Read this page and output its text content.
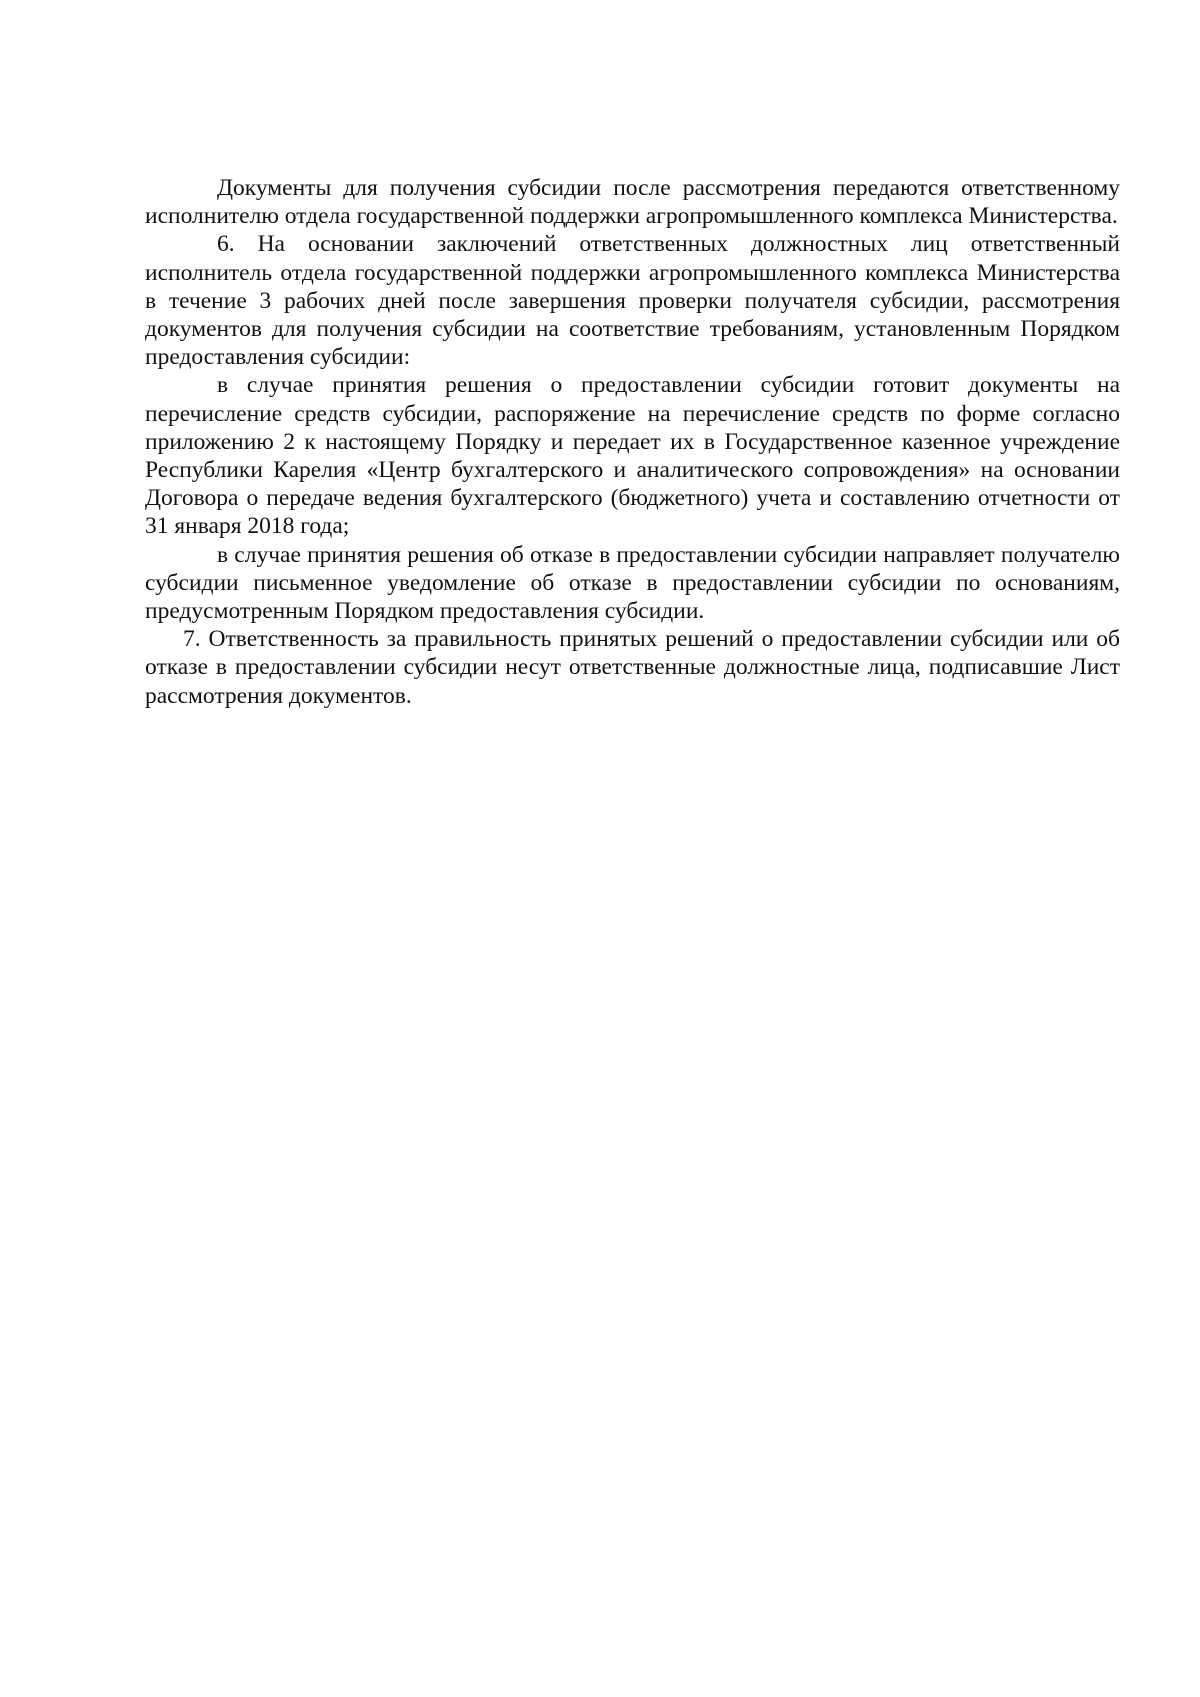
Документы для получения субсидии после рассмотрения передаются ответственному исполнителю отдела государственной поддержки агропромышленного комплекса Министерства.

6. На основании заключений ответственных должностных лиц ответственный исполнитель отдела государственной поддержки агропромышленного комплекса Министерства в течение 3 рабочих дней после завершения проверки получателя субсидии, рассмотрения документов для получения субсидии на соответствие требованиям, установленным Порядком предоставления субсидии:

в случае принятия решения о предоставлении субсидии готовит документы на перечисление средств субсидии, распоряжение на перечисление средств по форме согласно приложению 2 к настоящему Порядку и передает их в Государственное казенное учреждение Республики Карелия «Центр бухгалтерского и аналитического сопровождения» на основании Договора о передаче ведения бухгалтерского (бюджетного) учета и составлению отчетности от 31 января 2018 года;

в случае принятия решения об отказе в предоставлении субсидии направляет получателю субсидии письменное уведомление об отказе в предоставлении субсидии по основаниям, предусмотренным Порядком предоставления субсидии.

7. Ответственность за правильность принятых решений о предоставлении субсидии или об отказе в предоставлении субсидии несут ответственные должностные лица, подписавшие Лист рассмотрения документов.
